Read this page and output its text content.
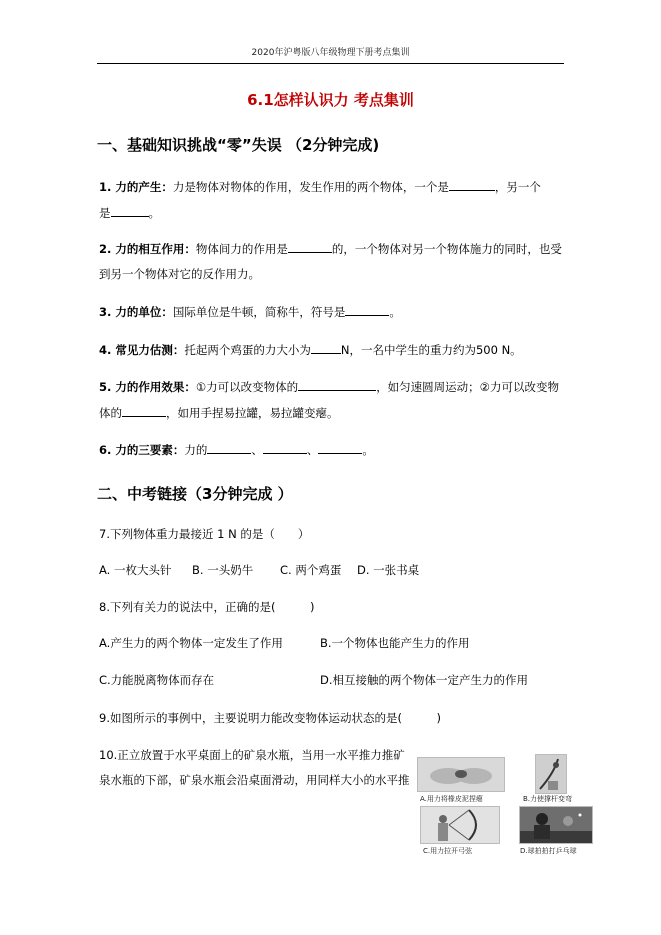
2020年沪粤版八年级物理下册考点集训
6.1怎样认识力 考点集训
一、基础知识挑战“零”失误 （2分钟完成)
1. 力的产生：力是物体对物体的作用，发生作用的两个物体，一个是	，另一个
是	。
2. 力的相互作用：物体间力的作用是	的，一个物体对另一个物体施力的同时，也受
到另一个物体对它的反作用力。
3. 力的单位：国际单位是牛顿，简称牛，符号是	。
4. 常见力估测：托起两个鸡蛋的力大小为	N，一名中学生的重力约为500 N。
5. 力的作用效果：①力可以改变物体的	，如匀速圆周运动；②力可以改变物
体的	，如用手捏易拉罐，易拉罐变瘪。
6. 力的三要素：力的	、	、	。
二、中考链接（3分钟完成 ）
7.下列物体重力最接近 1 N 的是（　　）
A. 一枚大头针 B. 一头奶牛 C. 两个鸡蛋 D. 一张书桌
8.下列有关力的说法中，正确的是(　　　)
A.产生力的两个物体一定发生了作用	B.一个物体也能产生力的作用
C.力能脱离物体而存在	D.相互接触的两个物体一定产生力的作用
9.如图所示的事例中，主要说明力能改变物体运动状态的是(　　　)
10.正立放置于水平桌面上的矿泉水瓶，当用一水平推力推矿
泉水瓶的下部，矿泉水瓶会沿桌面滑动，用同样大小的水平推
A.用力将橡皮泥捏瘪	B.力使撑杆变弯
C.用力拉开弓弦	D.球拍拍打乒乓球
